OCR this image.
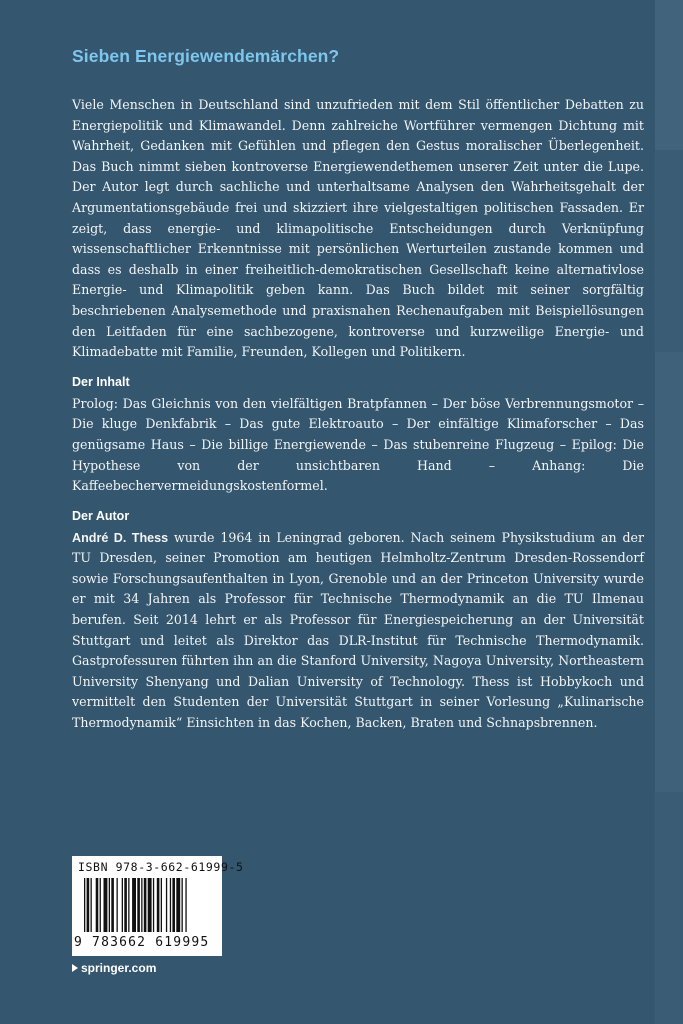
Sieben Energiewendemärchen?

Viele Menschen in Deutschland sind unzufrieden mit dem Stil öffentlicher Debatten zu Energiepolitik und Klimawandel. Denn zahlreiche Wortführer vermengen Dichtung mit Wahrheit, Gedanken mit Gefühlen und pflegen den Gestus moralischer Überlegenheit. Das Buch nimmt sieben kontroverse Energiewendethemen unserer Zeit unter die Lupe. Der Autor legt durch sachliche und unterhaltsame Analysen den Wahrheitsgehalt der Argumentationsgebäude frei und skizziert ihre vielgestaltigen politischen Fassaden. Er zeigt, dass energie- und klimapolitische Entscheidungen durch Verknüpfung wissenschaftlicher Erkenntnisse mit persönlichen Werturteilen zustande kommen und dass es deshalb in einer freiheitlich-demokratischen Gesellschaft keine alternativlose Energie- und Klimapolitik geben kann. Das Buch bildet mit seiner sorgfältig beschriebenen Analysemethode und praxisnahen Rechenaufgaben mit Beispiellösungen den Leitfaden für eine sachbezogene, kontroverse und kurzweilige Energie- und Klimadebatte mit Familie, Freunden, Kollegen und Politikern.

Der Inhalt

Prolog: Das Gleichnis von den vielfältigen Bratpfannen – Der böse Verbrennungsmotor – Die kluge Denkfabrik – Das gute Elektroauto – Der einfältige Klimaforscher – Das genügsame Haus – Die billige Energiewende – Das stubenreine Flugzeug – Epilog: Die Hypothese von der unsichtbaren Hand – Anhang: Die Kaffeebechervermeidungskostenformel.

Der Autor

André D. Thess wurde 1964 in Leningrad geboren. Nach seinem Physikstudium an der TU Dresden, seiner Promotion am heutigen Helmholtz-Zentrum Dresden-Rossendorf sowie Forschungsaufenthalten in Lyon, Grenoble und an der Princeton University wurde er mit 34 Jahren als Professor für Technische Thermodynamik an die TU Ilmenau berufen. Seit 2014 lehrt er als Professor für Energiespeicherung an der Universität Stuttgart und leitet als Direktor das DLR-Institut für Technische Thermodynamik. Gastprofessuren führten ihn an die Stanford University, Nagoya University, Northeastern University Shenyang und Dalian University of Technology. Thess ist Hobbykoch und vermittelt den Studenten der Universität Stuttgart in seiner Vorlesung „Kulinarische Thermodynamik“ Einsichten in das Kochen, Backen, Braten und Schnapsbrennen.

ISBN 978-3-662-61999-5
9 783662 619995
springer.com
